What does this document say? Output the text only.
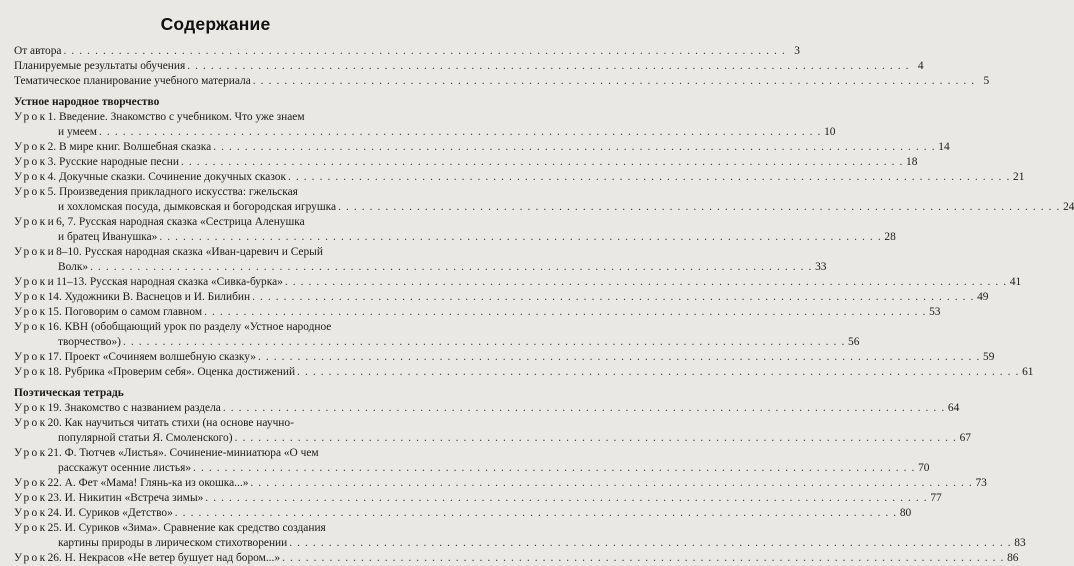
Содержание
От автора . . . . . . . . . . . . . . . . . . . . . . . . . . . . . . . . . . . . . . . . . . . . . . . . . . . . . . . . . . . . . . . . . . . . . . . . . . . . . . . . . . . . . . . . . . . . 3
Планируемые результаты обучения . . . . . . . . . . . . . . . . . . . . . . . . . . . . . . . . . . . . . . . . . . . . . . . . . . . . . . . . . . . . . . . . . . . . . . . . . . . . . . . . . . . . . . . . . . . . 4
Тематическое планирование учебного материала . . . . . . . . . . . . . . . . . . . . . . . . . . . . . . . . . . . . . . . . . . . . . . . . . . . . . . . . . . . . . . . . . . . . . . . . . . . . . . . . . . . . . . . . . . . . 5
Устное народное творчество
Урок 1. Введение. Знакомство с учебником. Что уже знаем
и умеем . . . . . . . . . . . . . . . . . . . . . . . . . . . . . . . . . . . . . . . . . . . . . . . . . . . . . . . . . . . . . . . . . . . . . . . . . . . . . . . . . . . . . . . . . . . . 10
Урок 2. В мире книг. Волшебная сказка . . . . . . . . . . . . . . . . . . . . . . . . . . . . . . . . . . . . . . . . . . . . . . . . . . . . . . . . . . . . . . . . . . . . . . . . . . . . . . . . . . . . . . . . . . . . 14
Урок 3. Русские народные песни . . . . . . . . . . . . . . . . . . . . . . . . . . . . . . . . . . . . . . . . . . . . . . . . . . . . . . . . . . . . . . . . . . . . . . . . . . . . . . . . . . . . . . . . . . . . 18
Урок 4. Докучные сказки. Сочинение докучных сказок . . . . . . . . . . . . . . . . . . . . . . . . . . . . . . . . . . . . . . . . . . . . . . . . . . . . . . . . . . . . . . . . . . . . . . . . . . . . . . . . . . . . . . . . . . . . 21
Урок 5. Произведения прикладного искусства: гжельская
и хохломская посуда, дымковская и богородская игрушка . . . . . . . . . . . . . . . . . . . . . . . . . . . . . . . . . . . . . . . . . . . . . . . . . . . . . . . . . . . . . . . . . . . . . . . . . . . . . . . . . . . . . . . . . . . . 24
Уроки 6, 7. Русская народная сказка «Сестрица Аленушка
и братец Иванушка» . . . . . . . . . . . . . . . . . . . . . . . . . . . . . . . . . . . . . . . . . . . . . . . . . . . . . . . . . . . . . . . . . . . . . . . . . . . . . . . . . . . . . . . . . . . . 28
Уроки 8–10. Русская народная сказка «Иван-царевич и Серый
Волк» . . . . . . . . . . . . . . . . . . . . . . . . . . . . . . . . . . . . . . . . . . . . . . . . . . . . . . . . . . . . . . . . . . . . . . . . . . . . . . . . . . . . . . . . . . . . 33
Уроки 11–13. Русская народная сказка «Сивка-бурка» . . . . . . . . . . . . . . . . . . . . . . . . . . . . . . . . . . . . . . . . . . . . . . . . . . . . . . . . . . . . . . . . . . . . . . . . . . . . . . . . . . . . . . . . . . . . 41
Урок 14. Художники В. Васнецов и И. Билибин . . . . . . . . . . . . . . . . . . . . . . . . . . . . . . . . . . . . . . . . . . . . . . . . . . . . . . . . . . . . . . . . . . . . . . . . . . . . . . . . . . . . . . . . . . . . 49
Урок 15. Поговорим о самом главном . . . . . . . . . . . . . . . . . . . . . . . . . . . . . . . . . . . . . . . . . . . . . . . . . . . . . . . . . . . . . . . . . . . . . . . . . . . . . . . . . . . . . . . . . . . . 53
Урок 16. КВН (обобщающий урок по разделу «Устное народное
творчество») . . . . . . . . . . . . . . . . . . . . . . . . . . . . . . . . . . . . . . . . . . . . . . . . . . . . . . . . . . . . . . . . . . . . . . . . . . . . . . . . . . . . . . . . . . . . 56
Урок 17. Проект «Сочиняем волшебную сказку» . . . . . . . . . . . . . . . . . . . . . . . . . . . . . . . . . . . . . . . . . . . . . . . . . . . . . . . . . . . . . . . . . . . . . . . . . . . . . . . . . . . . . . . . . . . . 59
Урок 18. Рубрика «Проверим себя». Оценка достижений . . . . . . . . . . . . . . . . . . . . . . . . . . . . . . . . . . . . . . . . . . . . . . . . . . . . . . . . . . . . . . . . . . . . . . . . . . . . . . . . . . . . . . . . . . . . 61
Поэтическая тетрадь
Урок 19. Знакомство с названием раздела . . . . . . . . . . . . . . . . . . . . . . . . . . . . . . . . . . . . . . . . . . . . . . . . . . . . . . . . . . . . . . . . . . . . . . . . . . . . . . . . . . . . . . . . . . . . 64
Урок 20. Как научиться читать стихи (на основе научно-
популярной статьи Я. Смоленского) . . . . . . . . . . . . . . . . . . . . . . . . . . . . . . . . . . . . . . . . . . . . . . . . . . . . . . . . . . . . . . . . . . . . . . . . . . . . . . . . . . . . . . . . . . . . 67
Урок 21. Ф. Тютчев «Листья». Сочинение-миниатюра «О чем
расскажут осенние листья» . . . . . . . . . . . . . . . . . . . . . . . . . . . . . . . . . . . . . . . . . . . . . . . . . . . . . . . . . . . . . . . . . . . . . . . . . . . . . . . . . . . . . . . . . . . . 70
Урок 22. А. Фет «Мама! Глянь-ка из окошка...» . . . . . . . . . . . . . . . . . . . . . . . . . . . . . . . . . . . . . . . . . . . . . . . . . . . . . . . . . . . . . . . . . . . . . . . . . . . . . . . . . . . . . . . . . . . . 73
Урок 23. И. Никитин «Встреча зимы» . . . . . . . . . . . . . . . . . . . . . . . . . . . . . . . . . . . . . . . . . . . . . . . . . . . . . . . . . . . . . . . . . . . . . . . . . . . . . . . . . . . . . . . . . . . . 77
Урок 24. И. Суриков «Детство» . . . . . . . . . . . . . . . . . . . . . . . . . . . . . . . . . . . . . . . . . . . . . . . . . . . . . . . . . . . . . . . . . . . . . . . . . . . . . . . . . . . . . . . . . . . . 80
Урок 25. И. Суриков «Зима». Сравнение как средство создания
картины природы в лирическом стихотворении . . . . . . . . . . . . . . . . . . . . . . . . . . . . . . . . . . . . . . . . . . . . . . . . . . . . . . . . . . . . . . . . . . . . . . . . . . . . . . . . . . . . . . . . . . . . 83
Урок 26. Н. Некрасов «Не ветер бушует над бором...» . . . . . . . . . . . . . . . . . . . . . . . . . . . . . . . . . . . . . . . . . . . . . . . . . . . . . . . . . . . . . . . . . . . . . . . . . . . . . . . . . . . . . . . . . . . . 86
